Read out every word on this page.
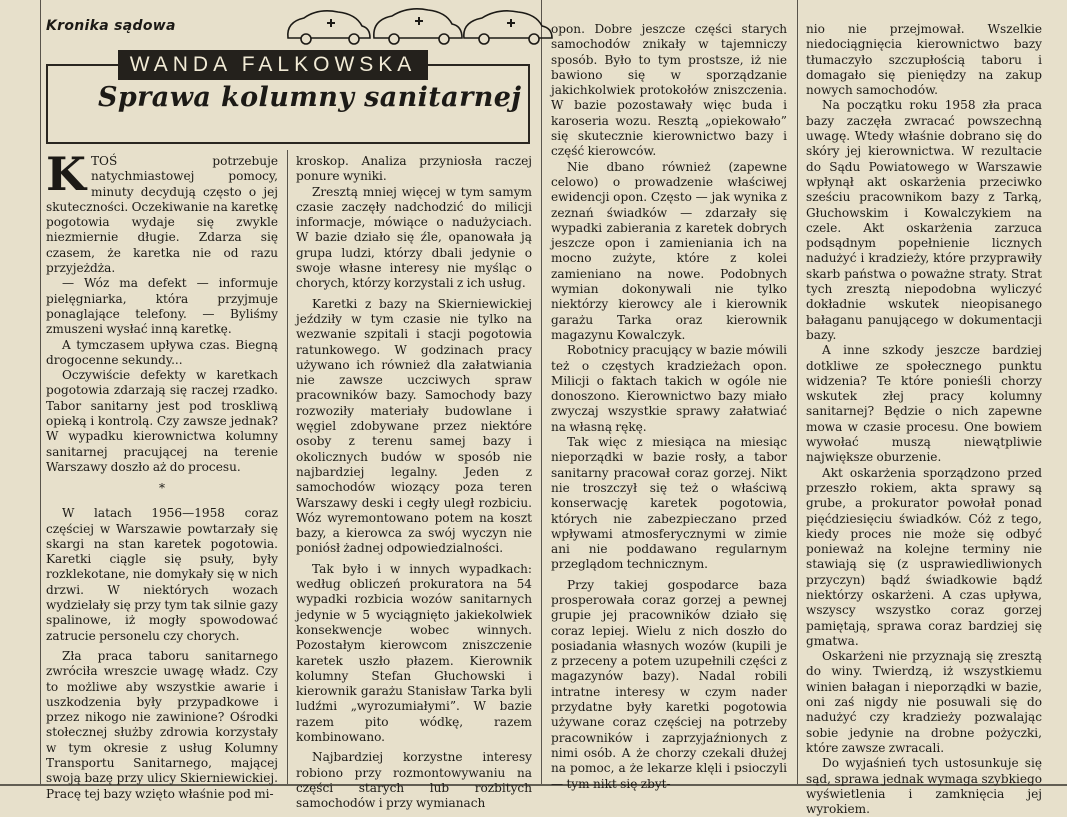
Kronika sądowa
WANDA FALKOWSKA
Sprawa kolumny sanitarnej

KTOŚ potrzebuje natychmiastowej pomocy, minuty decydują często o jej skuteczności. Oczekiwanie na karetkę pogotowia wydaje się zwykle niezmiernie długie. Zdarza się czasem, że karetka nie od razu przyjeżdża.

— Wóz ma defekt — informuje pielęgniarka, która przyjmuje ponaglające telefony. — Byliśmy zmuszeni wysłać inną karetkę.

A tymczasem upływa czas. Biegną drogocenne sekundy...

Oczywiście defekty w karetkach pogotowia zdarzają się raczej rzadko. Tabor sanitarny jest pod troskliwą opieką i kontrolą. Czy zawsze jednak? W wypadku kierownictwa kolumny sanitarnej pracującej na terenie Warszawy doszło aż do procesu.

*

W latach 1956—1958 coraz częściej w Warszawie powtarzały się skargi na stan karetek pogotowia. Karetki ciągle się psuły, były rozklekotane, nie domykały się w nich drzwi. W niektórych wozach wydzielały się przy tym tak silnie gazy spalinowe, iż mogły spowodować zatrucie personelu czy chorych.

Zła praca taboru sanitarnego zwróciła wreszcie uwagę władz. Czy to możliwe aby wszystkie awarie i uszkodzenia były przypadkowe i przez nikogo nie zawinione? Ośrodki stołecznej służby zdrowia korzystały w tym okresie z usług Kolumny Transportu Sanitarnego, mającej swoją bazę przy ulicy Skierniewickiej. Pracę tej bazy wzięto właśnie pod mi-

kroskop. Analiza przyniosła raczej ponure wyniki.

Zresztą mniej więcej w tym samym czasie zaczęły nadchodzić do milicji informacje, mówiące o nadużyciach. W bazie działo się źle, opanowała ją grupa ludzi, którzy dbali jedynie o swoje własne interesy nie myśląc o chorych, którzy korzystali z ich usług.

Karetki z bazy na Skierniewickiej jeździły w tym czasie nie tylko na wezwanie szpitali i stacji pogotowia ratunkowego. W godzinach pracy używano ich również dla załatwiania nie zawsze uczciwych spraw pracowników bazy. Samochody bazy rozwoziły materiały budowlane i węgiel zdobywane przez niektóre osoby z terenu samej bazy i okolicznych budów w sposób nie najbardziej legalny. Jeden z samochodów wiozący poza teren Warszawy deski i cegły uległ rozbiciu. Wóz wyremontowano potem na koszt bazy, a kierowca za swój wyczyn nie poniósł żadnej odpowiedzialności.

Tak było i w innych wypadkach: według obliczeń prokuratora na 54 wypadki rozbicia wozów sanitarnych jedynie w 5 wyciągnięto jakiekolwiek konsekwencje wobec winnych. Pozostałym kierowcom zniszczenie karetek uszło płazem. Kierownik kolumny Stefan Głuchowski i kierownik garażu Stanisław Tarka byli ludźmi „wyrozumiałymi”. W bazie razem pito wódkę, razem kombinowano.

Najbardziej korzystne interesy robiono przy rozmontowywaniu na części starych lub rozbitych samochodów i przy wymianach

opon. Dobre jeszcze części starych samochodów znikały w tajemniczy sposób. Było to tym prostsze, iż nie bawiono się w sporządzanie jakichkolwiek protokołów zniszczenia. W bazie pozostawały więc buda i karoseria wozu. Resztą „opiekowało” się skutecznie kierownictwo bazy i część kierowców.

Nie dbano również (zapewne celowo) o prowadzenie właściwej ewidencji opon. Często — jak wynika z zeznań świadków — zdarzały się wypadki zabierania z karetek dobrych jeszcze opon i zamieniania ich na mocno zużyte, które z kolei zamieniano na nowe. Podobnych wymian dokonywali nie tylko niektórzy kierowcy ale i kierownik garażu Tarka oraz kierownik magazynu Kowalczyk.

Robotnicy pracujący w bazie mówili też o częstych kradzieżach opon. Milicji o faktach takich w ogóle nie donoszono. Kierownictwo bazy miało zwyczaj wszystkie sprawy załatwiać na własną rękę.

Tak więc z miesiąca na miesiąc nieporządki w bazie rosły, a tabor sanitarny pracował coraz gorzej. Nikt nie troszczył się też o właściwą konserwację karetek pogotowia, których nie zabezpieczano przed wpływami atmosferycznymi w zimie ani nie poddawano regularnym przeglądom technicznym.

Przy takiej gospodarce baza prosperowała coraz gorzej a pewnej grupie jej pracowników działo się coraz lepiej. Wielu z nich doszło do posiadania własnych wozów (kupili je z przeceny a potem uzupełnili części z magazynów bazy). Nadal robili intratne interesy w czym nader przydatne były karetki pogotowia używane coraz częściej na potrzeby pracowników i zaprzyjaźnionych z nimi osób. A że chorzy czekali dłużej na pomoc, a że lekarze klęli i psioczyli — tym nikt się zbyt-

nio nie przejmował. Wszelkie niedociągnięcia kierownictwo bazy tłumaczyło szczupłością taboru i domagało się pieniędzy na zakup nowych samochodów.

Na początku roku 1958 zła praca bazy zaczęła zwracać powszechną uwagę. Wtedy właśnie dobrano się do skóry jej kierownictwa. W rezultacie do Sądu Powiatowego w Warszawie wpłynął akt oskarżenia przeciwko sześciu pracownikom bazy z Tarką, Głuchowskim i Kowalczykiem na czele. Akt oskarżenia zarzuca podsądnym popełnienie licznych nadużyć i kradzieży, które przyprawiły skarb państwa o poważne straty. Strat tych zresztą niepodobna wyliczyć dokładnie wskutek nieopisanego bałaganu panującego w dokumentacji bazy.

A inne szkody jeszcze bardziej dotkliwe ze społecznego punktu widzenia? Te które ponieśli chorzy wskutek złej pracy kolumny sanitarnej? Będzie o nich zapewne mowa w czasie procesu. One bowiem wywołać muszą niewątpliwie największe oburzenie.

Akt oskarżenia sporządzono przed przeszło rokiem, akta sprawy są grube, a prokurator powołał ponad pięćdziesięciu świadków. Cóż z tego, kiedy proces nie może się odbyć ponieważ na kolejne terminy nie stawiają się (z usprawiedliwionych przyczyn) bądź świadkowie bądź niektórzy oskarżeni. A czas upływa, wszyscy wszystko coraz gorzej pamiętają, sprawa coraz bardziej się gmatwa.

Oskarżeni nie przyznają się zresztą do winy. Twierdzą, iż wszystkiemu winien bałagan i nieporządki w bazie, oni zaś nigdy nie posuwali się do nadużyć czy kradzieży pozwalając sobie jedynie na drobne pożyczki, które zawsze zwracali.

Do wyjaśnień tych ustosunkuje się sąd, sprawa jednak wymaga szybkiego wyświetlenia i zamknięcia jej wyrokiem.
